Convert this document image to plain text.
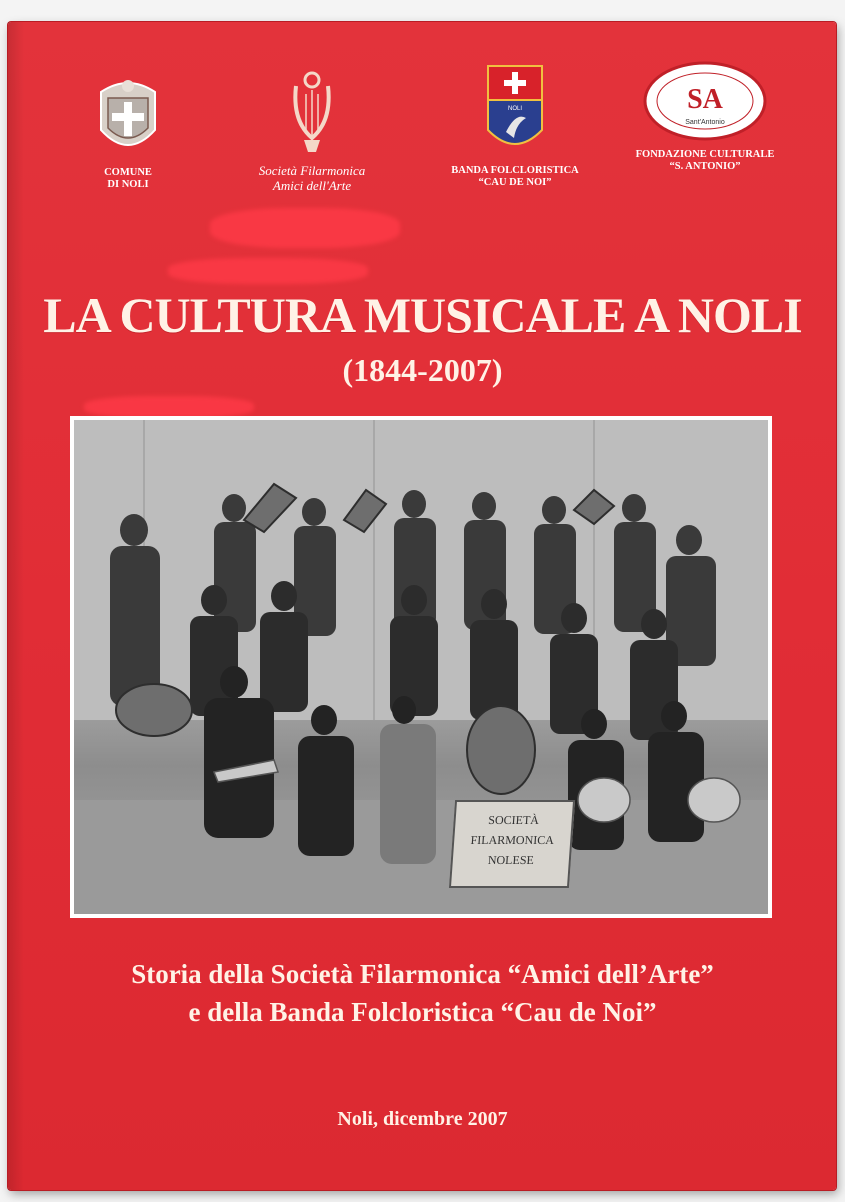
COMUNE
DI NOLI
Società Filarmonica
Amici dell'Arte
NOLI
BANDA FOLCLORISTICA
“CAU DE NOI”
SA
Sant'Antonio
FONDAZIONE CULTURALE
“S. ANTONIO”
LA CULTURA MUSICALE A NOLI
(1844-2007)
SOCIETÀ
FILARMONICA
NOLESE
Storia della Società Filarmonica “Amici dell’Arte”
e della Banda Folcloristica “Cau de Noi”
Noli, dicembre 2007
